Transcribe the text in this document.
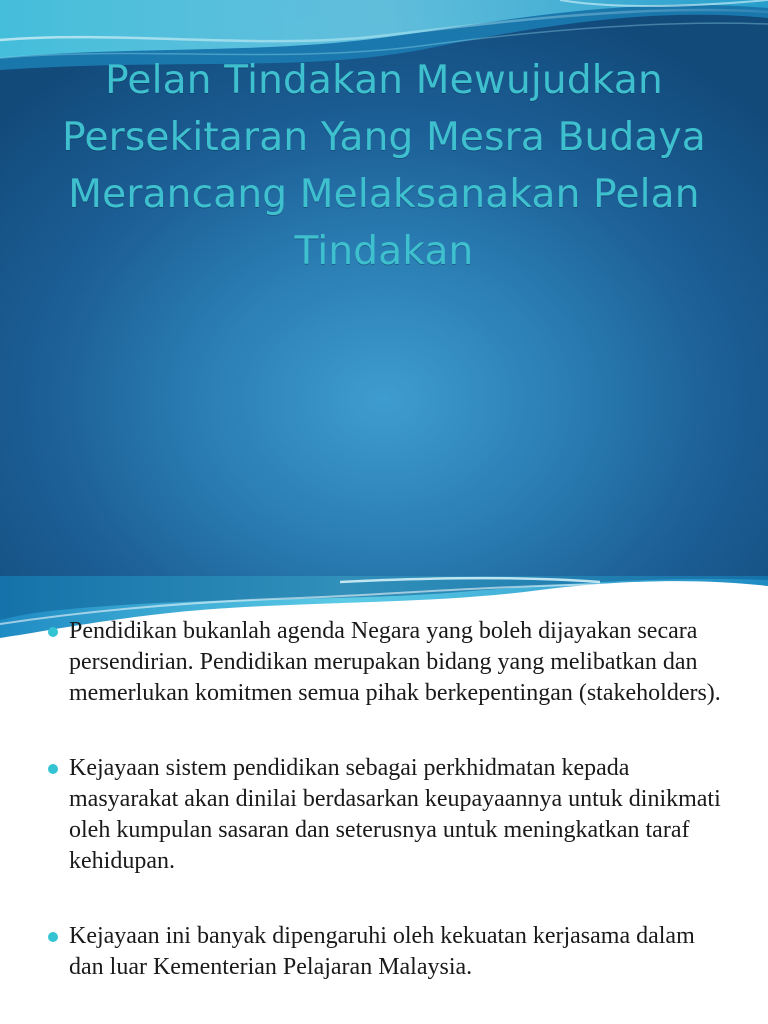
Pelan Tindakan Mewujudkan Persekitaran Yang Mesra Budaya Merancang Melaksanakan Pelan Tindakan
Pendidikan bukanlah agenda Negara yang boleh dijayakan secara persendirian. Pendidikan merupakan bidang yang melibatkan dan memerlukan komitmen semua pihak berkepentingan (stakeholders).
Kejayaan sistem pendidikan sebagai perkhidmatan kepada masyarakat akan dinilai berdasarkan keupayaannya untuk dinikmati oleh kumpulan sasaran dan seterusnya untuk meningkatkan taraf kehidupan.
Kejayaan ini banyak dipengaruhi oleh kekuatan kerjasama dalam dan luar Kementerian Pelajaran Malaysia.
